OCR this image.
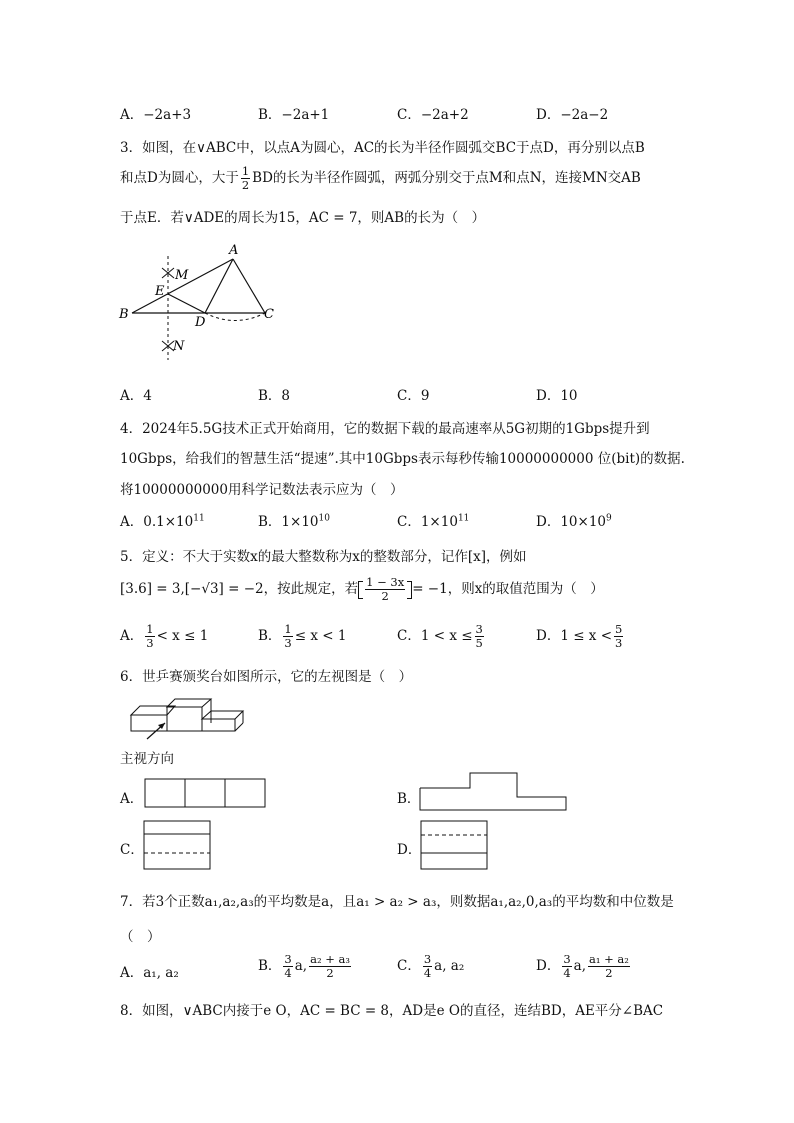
A．−2a+3	B．−2a+1	C．−2a+2	D．−2a−2
3．如图，在∨ABC中，以点A为圆心，AC的长为半径作圆弧交BC于点D，再分别以点B
和点D为圆心，大于 $\frac{1}{2}$ BD的长为半径作圆弧，两弧分别交于点M和点N，连接MN交AB
于点E．若∨ADE的周长为15，AC = 7，则AB的长为（　）
A
B	C
D
E
M
N
A．4	B．8	C．9	D．10
4．2024年5.5G技术正式开始商用，它的数据下载的最高速率从5G初期的1Gbps提升到
10Gbps，给我们的智慧生活“提速”.其中10Gbps表示每秒传输10000000000 位(bit)的数据.
将10000000000用科学记数法表示应为（　）
A．$0.1\times 10^{11}$	B．$1\times 10^{10}$	C．$1\times 10^{11}$	D．$10\times 10^9$
5．定义：不大于实数x的最大整数称为x的整数部分，记作[x]，例如
[3.6] = 3,[−√3] = −2，按此规定，若 $\frac{1 - 3x}{2} = -1$，则x的取值范围为（　）
A． $\frac{1}{3} < x \le 1$	B． $\frac{1}{3} \le x < 1$	C．$1 < x \le \frac{3}{5}$	D．$1 \le x < \frac{5}{3}$
6．世乒赛颁奖台如图所示，它的左视图是（　）
主视方向
A．	B．
C．	D．
7．若3个正数a₁,a₂,a₃的平均数是a，且a₁ > a₂ > a₃，则数据a₁,a₂,0,a₃的平均数和中位数是
（　）
A．a₁, a₂	B． $\frac{3}{4} a$, $\frac{\text{a₂ + a₃}}{2}$	C． $\frac{3}{4} a$, a₂	D． $\frac{3}{4} a$, $\frac{\text{a₁ + a₂}}{2}$
8．如图，∨ABC内接于e O，AC = BC = 8，AD是e O的直径，连结BD，AE平分∠BAC
